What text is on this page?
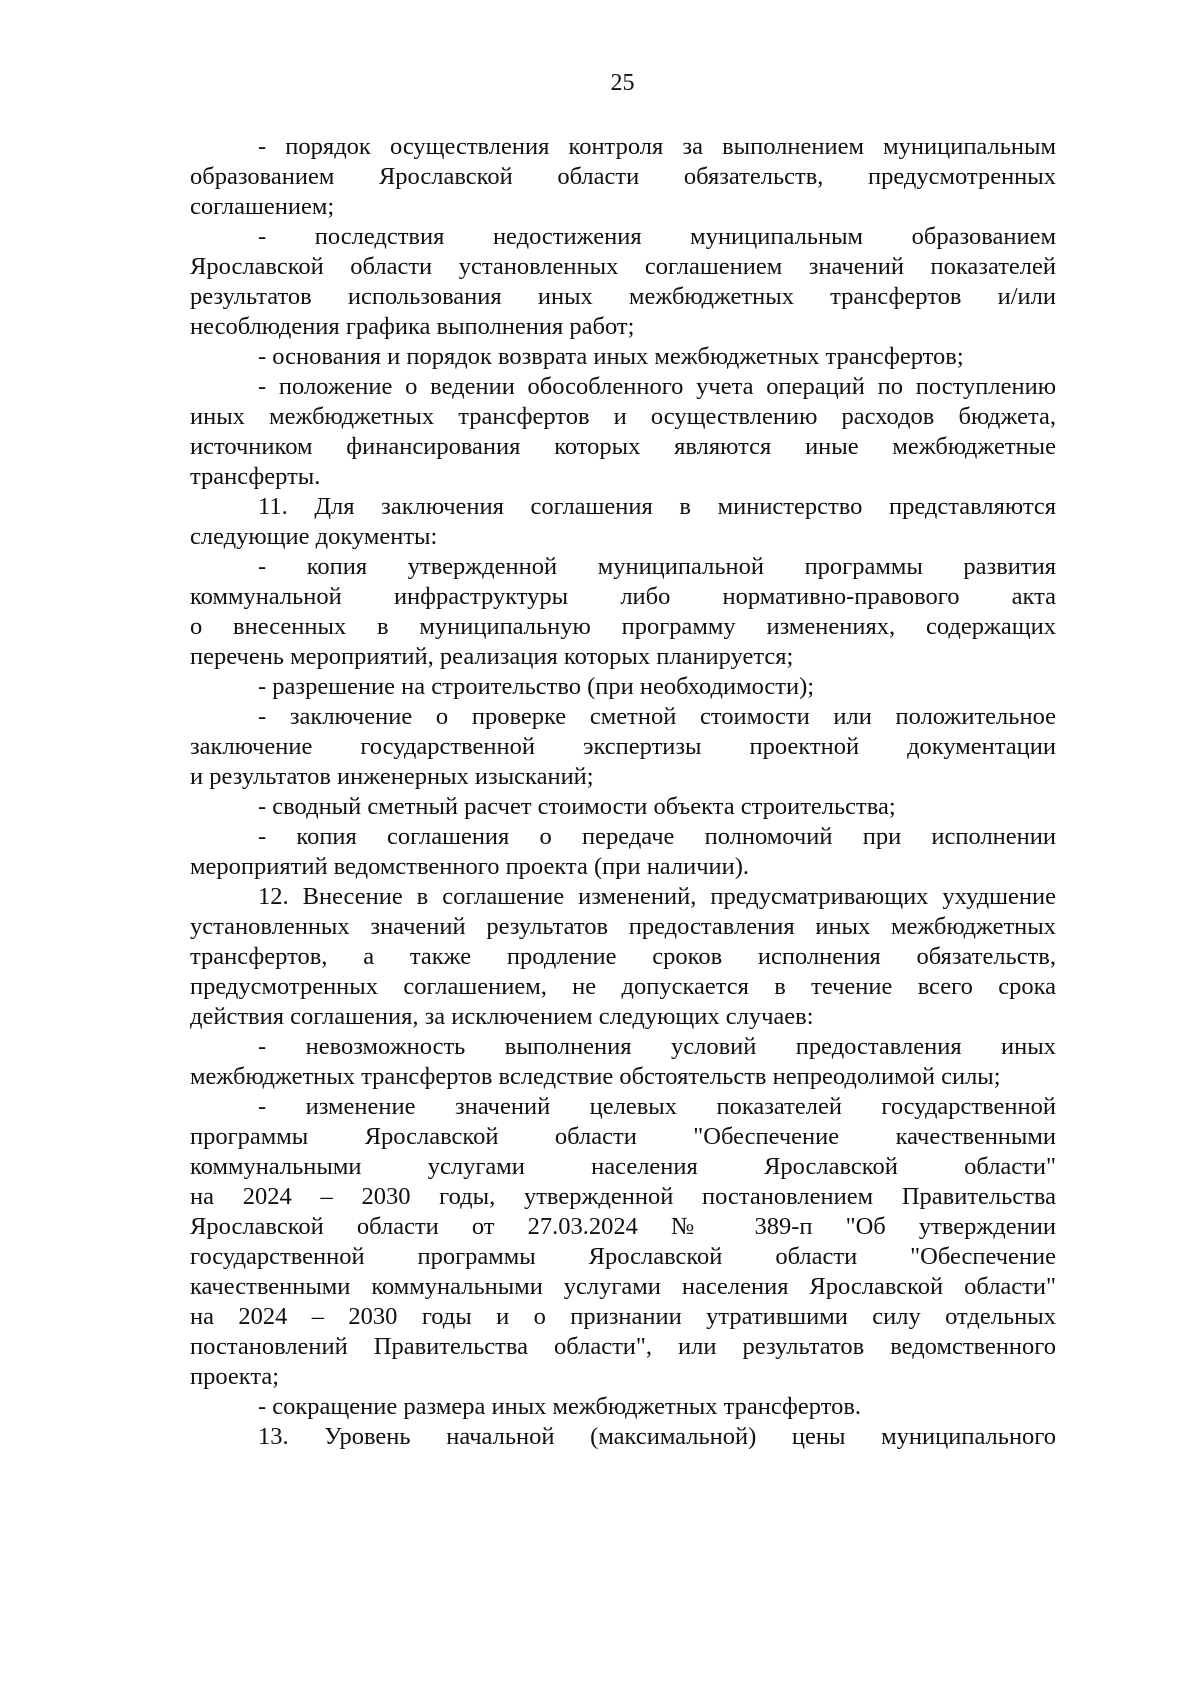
25
- порядок осуществления контроля за выполнением муниципальным
образованием Ярославской области обязательств, предусмотренных
соглашением;
- последствия недостижения муниципальным образованием
Ярославской области установленных соглашением значений показателей
результатов использования иных межбюджетных трансфертов и/или
несоблюдения графика выполнения работ;
- основания и порядок возврата иных межбюджетных трансфертов;
- положение о ведении обособленного учета операций по поступлению
иных межбюджетных трансфертов и осуществлению расходов бюджета,
источником финансирования которых являются иные межбюджетные
трансферты.
11. Для заключения соглашения в министерство представляются
следующие документы:
- копия утвержденной муниципальной программы развития
коммунальной инфраструктуры либо нормативно-правового акта
о внесенных в муниципальную программу изменениях, содержащих
перечень мероприятий, реализация которых планируется;
- разрешение на строительство (при необходимости);
- заключение о проверке сметной стоимости или положительное
заключение государственной экспертизы проектной документации
и результатов инженерных изысканий;
- сводный сметный расчет стоимости объекта строительства;
- копия соглашения о передаче полномочий при исполнении
мероприятий ведомственного проекта (при наличии).
12. Внесение в соглашение изменений, предусматривающих ухудшение
установленных значений результатов предоставления иных межбюджетных
трансфертов, а также продление сроков исполнения обязательств,
предусмотренных соглашением, не допускается в течение всего срока
действия соглашения, за исключением следующих случаев:
- невозможность выполнения условий предоставления иных
межбюджетных трансфертов вследствие обстоятельств непреодолимой силы;
- изменение значений целевых показателей государственной
программы Ярославской области "Обеспечение качественными
коммунальными услугами населения Ярославской области"
на 2024 – 2030 годы, утвержденной постановлением Правительства
Ярославской области от 27.03.2024 № 389-п "Об утверждении
государственной программы Ярославской области "Обеспечение
качественными коммунальными услугами населения Ярославской области"
на 2024 – 2030 годы и о признании утратившими силу отдельных
постановлений Правительства области", или результатов ведомственного
проекта;
- сокращение размера иных межбюджетных трансфертов.
13. Уровень начальной (максимальной) цены муниципального
